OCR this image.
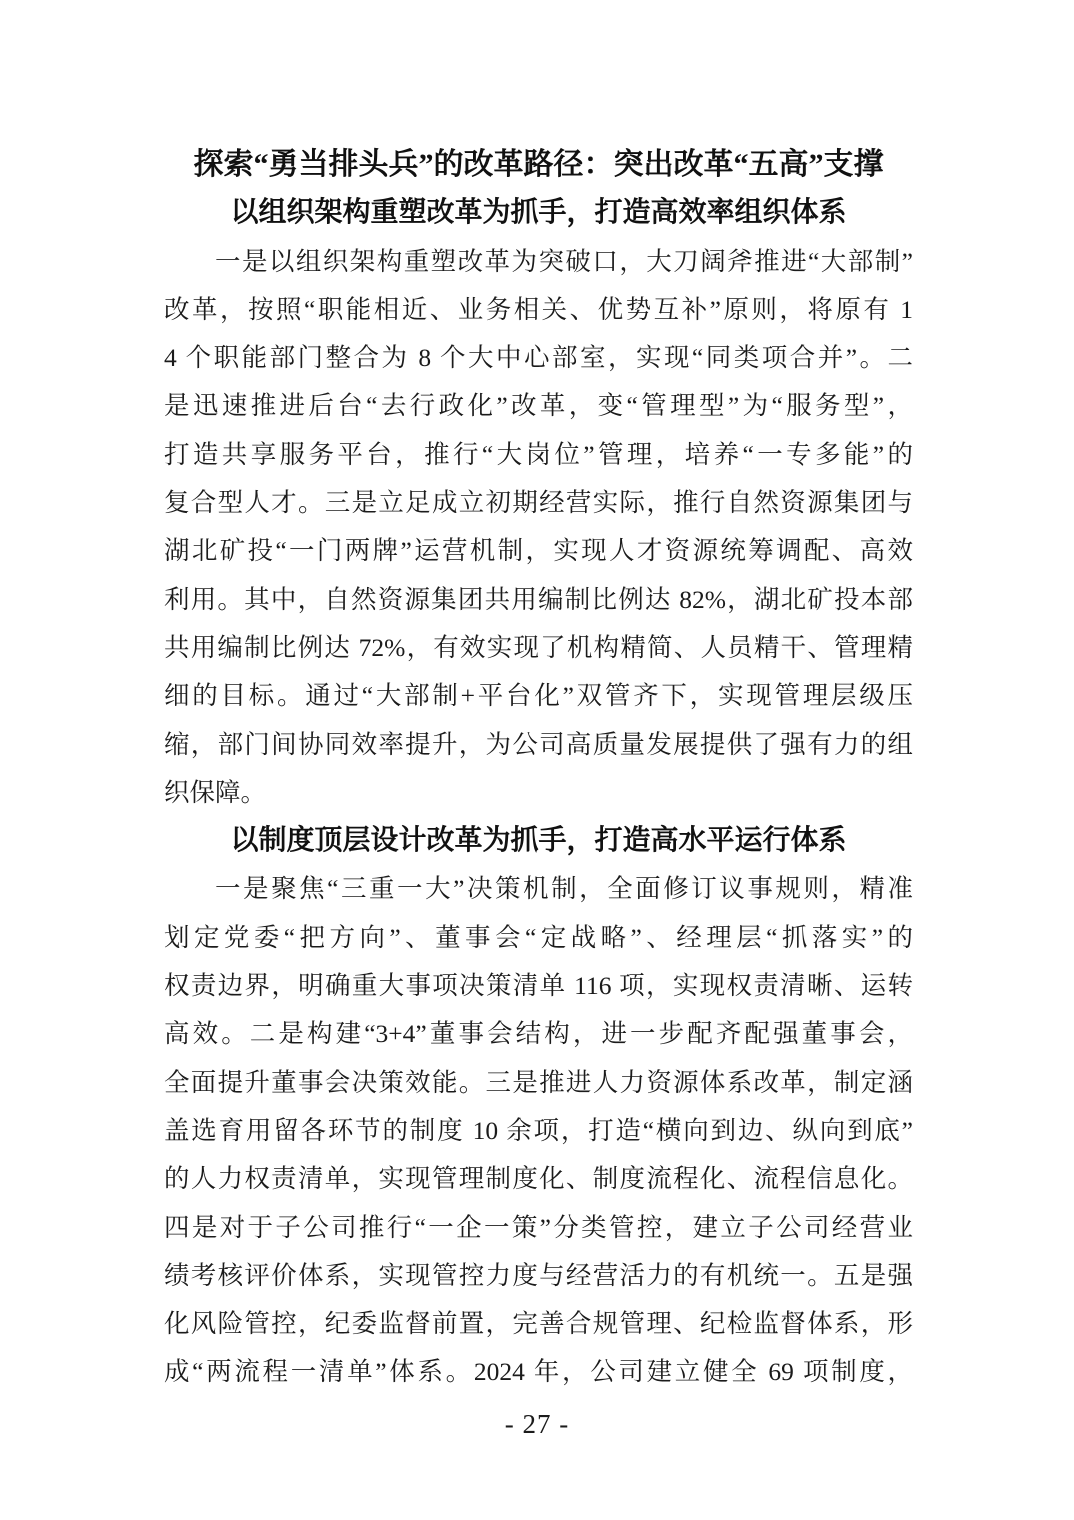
探索“勇当排头兵”的改革路径：突出改革“五高”支撑
以组织架构重塑改革为抓手，打造高效率组织体系
一是以组织架构重塑改革为突破口，大刀阔斧推进“大部制”
改革，按照“职能相近、业务相关、优势互补”原则，将原有 1
4 个职能部门整合为 8 个大中心部室，实现“同类项合并”。二
是迅速推进后台“去行政化”改革，变“管理型”为“服务型”，
打造共享服务平台，推行“大岗位”管理，培养“一专多能”的
复合型人才。三是立足成立初期经营实际，推行自然资源集团与
湖北矿投“一门两牌”运营机制，实现人才资源统筹调配、高效
利用。其中，自然资源集团共用编制比例达 82%，湖北矿投本部
共用编制比例达 72%，有效实现了机构精简、人员精干、管理精
细的目标。通过“大部制+平台化”双管齐下，实现管理层级压
缩，部门间协同效率提升，为公司高质量发展提供了强有力的组
织保障。
以制度顶层设计改革为抓手，打造高水平运行体系
一是聚焦“三重一大”决策机制，全面修订议事规则，精准
划定党委“把方向”、董事会“定战略”、经理层“抓落实”的
权责边界，明确重大事项决策清单 116 项，实现权责清晰、运转
高效。二是构建“3+4”董事会结构，进一步配齐配强董事会，
全面提升董事会决策效能。三是推进人力资源体系改革，制定涵
盖选育用留各环节的制度 10 余项，打造“横向到边、纵向到底”
的人力权责清单，实现管理制度化、制度流程化、流程信息化。
四是对于子公司推行“一企一策”分类管控，建立子公司经营业
绩考核评价体系，实现管控力度与经营活力的有机统一。五是强
化风险管控，纪委监督前置，完善合规管理、纪检监督体系，形
成“两流程一清单”体系。2024 年，公司建立健全 69 项制度，
- 27 -
